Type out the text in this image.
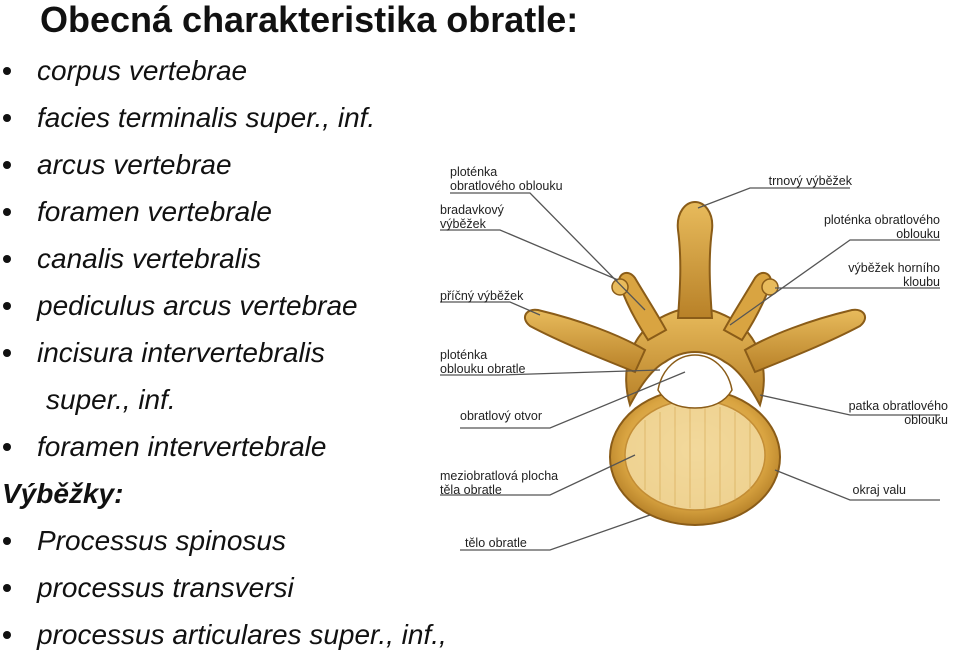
Obecná charakteristika obratle:
corpus vertebrae
facies terminalis super., inf.
arcus vertebrae
foramen vertebrale
canalis vertebralis
pediculus arcus vertebrae
incisura intervertebralis
super., inf.
foramen intervertebrale
Výběžky:
Processus spinosus
processus transversi
processus articulares super., inf.,
ploténka
obratlového oblouku
bradavkový
výběžek
příčný výběžek
ploténka
oblouku obratle
obratlový otvor
meziobratlová plocha
těla obratle
tělo obratle
trnový výběžek
ploténka obratlového
oblouku
výběžek horního
kloubu
patka obratlového
oblouku
okraj valu
